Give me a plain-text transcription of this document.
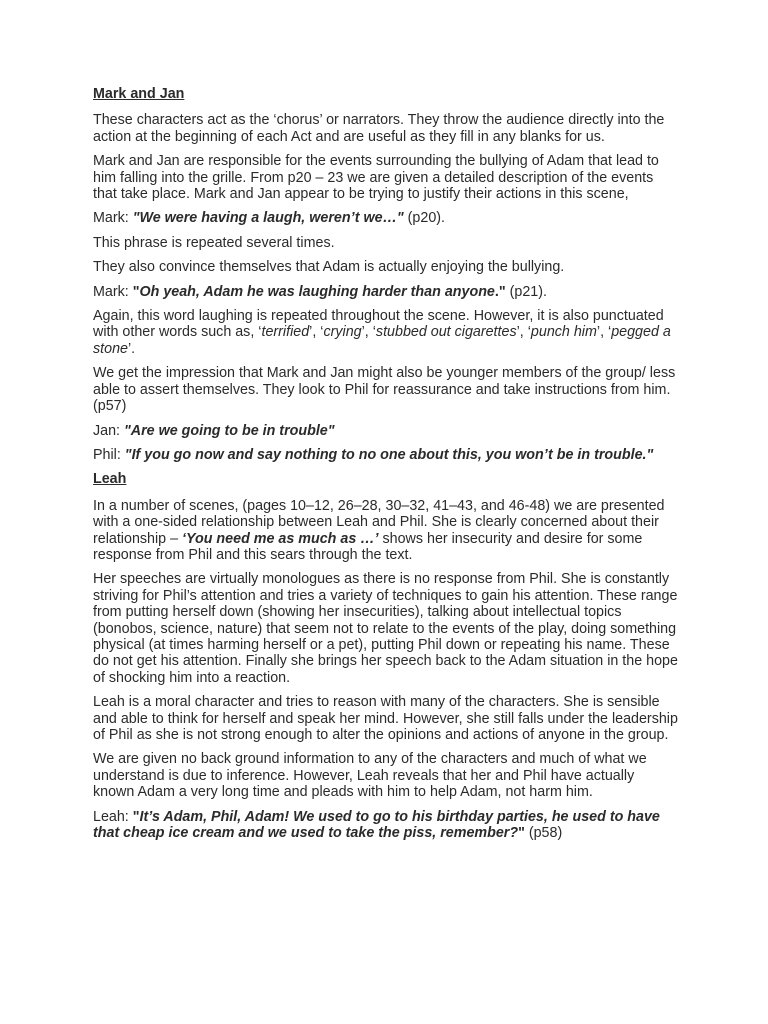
Mark and Jan

These characters act as the ‘chorus’ or narrators. They throw the audience directly into the action at the beginning of each Act and are useful as they fill in any blanks for us.

Mark and Jan are responsible for the events surrounding the bullying of Adam that lead to him falling into the grille. From p20 – 23 we are given a detailed description of the events that take place. Mark and Jan appear to be trying to justify their actions in this scene,

Mark: "We were having a laugh, weren’t we…" (p20).

This phrase is repeated several times.

They also convince themselves that Adam is actually enjoying the bullying.

Mark: "Oh yeah, Adam he was laughing harder than anyone." (p21).

Again, this word laughing is repeated throughout the scene. However, it is also punctuated with other words such as, ‘terrified’, ‘crying’, ‘stubbed out cigarettes’, ‘punch him’, ‘pegged a stone’.

We get the impression that Mark and Jan might also be younger members of the group/ less able to assert themselves. They look to Phil for reassurance and take instructions from him. (p57)

Jan: "Are we going to be in trouble"

Phil: "If you go now and say nothing to no one about this, you won’t be in trouble."

Leah

In a number of scenes, (pages 10–12, 26–28, 30–32, 41–43, and 46-48) we are presented with a one-sided relationship between Leah and Phil. She is clearly concerned about their relationship – ‘You need me as much as …’ shows her insecurity and desire for some response from Phil and this sears through the text.

Her speeches are virtually monologues as there is no response from Phil. She is constantly striving for Phil’s attention and tries a variety of techniques to gain his attention. These range from putting herself down (showing her insecurities), talking about intellectual topics (bonobos, science, nature) that seem not to relate to the events of the play, doing something physical (at times harming herself or a pet), putting Phil down or repeating his name. These do not get his attention. Finally she brings her speech back to the Adam situation in the hope of shocking him into a reaction.

Leah is a moral character and tries to reason with many of the characters. She is sensible and able to think for herself and speak her mind. However, she still falls under the leadership of Phil as she is not strong enough to alter the opinions and actions of anyone in the group.

We are given no back ground information to any of the characters and much of what we understand is due to inference. However, Leah reveals that her and Phil have actually known Adam a very long time and pleads with him to help Adam, not harm him.

Leah: "It’s Adam, Phil, Adam! We used to go to his birthday parties, he used to have that cheap ice cream and we used to take the piss, remember?" (p58)
